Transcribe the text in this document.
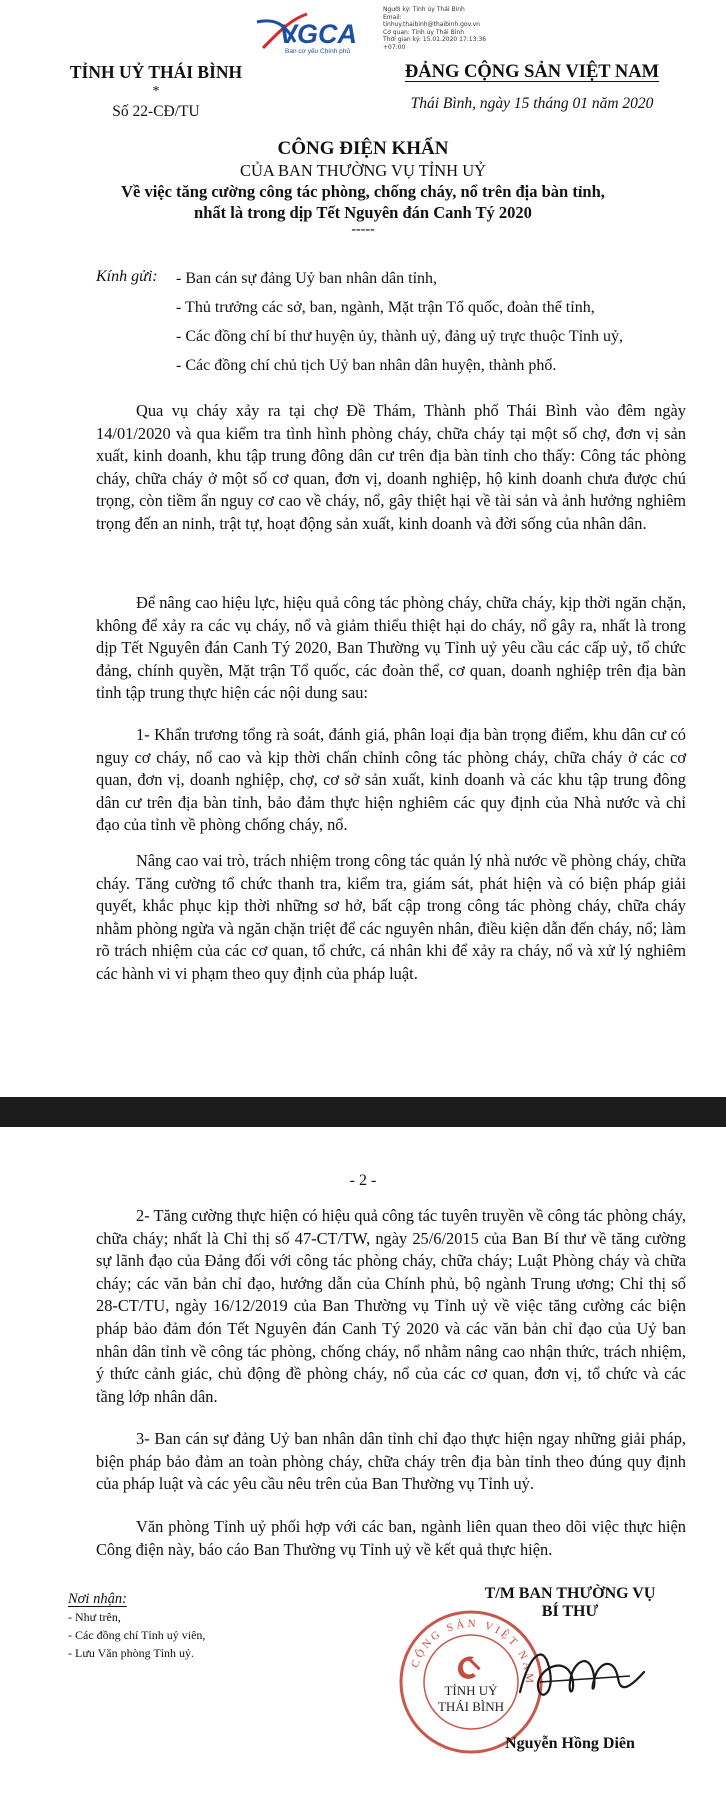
VGCA
Ban cơ yếu Chính phủ
Người ký: Tỉnh ủy Thái Bình
Email:
tinhuy.thaibinh@thaibinh.gov.vn
Cơ quan: Tỉnh ủy Thái Bình
Thời gian ký: 15.01.2020 17:13:36
+07:00
TỈNH UỶ THÁI BÌNH
*
Số 22-CĐ/TU
ĐẢNG CỘNG SẢN VIỆT NAM
Thái Bình, ngày 15 tháng 01 năm 2020
CÔNG ĐIỆN KHẨN
CỦA BAN THƯỜNG VỤ TỈNH UỶ
Về việc tăng cường công tác phòng, chống cháy, nổ trên địa bàn tỉnh,
nhất là trong dịp Tết Nguyên đán Canh Tý 2020
-----
Kính gửi: - Ban cán sự đảng Uỷ ban nhân dân tỉnh,
- Thủ trưởng các sở, ban, ngành, Mặt trận Tổ quốc, đoàn thể tỉnh,
- Các đồng chí bí thư huyện ủy, thành uỷ, đảng uỷ trực thuộc Tỉnh uỷ,
- Các đồng chí chủ tịch Uỷ ban nhân dân huyện, thành phố.

Qua vụ cháy xảy ra tại chợ Đề Thám, Thành phố Thái Bình vào đêm ngày 14/01/2020 và qua kiểm tra tình hình phòng cháy, chữa cháy tại một số chợ, đơn vị sản xuất, kinh doanh, khu tập trung đông dân cư trên địa bàn tỉnh cho thấy: Công tác phòng cháy, chữa cháy ở một số cơ quan, đơn vị, doanh nghiệp, hộ kinh doanh chưa được chú trọng, còn tiềm ẩn nguy cơ cao về cháy, nổ, gây thiệt hại về tài sản và ảnh hưởng nghiêm trọng đến an ninh, trật tự, hoạt động sản xuất, kinh doanh và đời sống của nhân dân.

Để nâng cao hiệu lực, hiệu quả công tác phòng cháy, chữa cháy, kịp thời ngăn chặn, không để xảy ra các vụ cháy, nổ và giảm thiểu thiệt hại do cháy, nổ gây ra, nhất là trong dịp Tết Nguyên đán Canh Tý 2020, Ban Thường vụ Tỉnh uỷ yêu cầu các cấp uỷ, tổ chức đảng, chính quyền, Mặt trận Tổ quốc, các đoàn thể, cơ quan, doanh nghiệp trên địa bàn tỉnh tập trung thực hiện các nội dung sau:

1- Khẩn trương tổng rà soát, đánh giá, phân loại địa bàn trọng điểm, khu dân cư có nguy cơ cháy, nổ cao và kịp thời chấn chỉnh công tác phòng cháy, chữa cháy ở các cơ quan, đơn vị, doanh nghiệp, chợ, cơ sở sản xuất, kinh doanh và các khu tập trung đông dân cư trên địa bàn tỉnh, bảo đảm thực hiện nghiêm các quy định của Nhà nước và chỉ đạo của tỉnh về phòng chống cháy, nổ.

Nâng cao vai trò, trách nhiệm trong công tác quản lý nhà nước về phòng cháy, chữa cháy. Tăng cường tổ chức thanh tra, kiểm tra, giám sát, phát hiện và có biện pháp giải quyết, khắc phục kịp thời những sơ hở, bất cập trong công tác phòng cháy, chữa cháy nhằm phòng ngừa và ngăn chặn triệt để các nguyên nhân, điều kiện dẫn đến cháy, nổ; làm rõ trách nhiệm của các cơ quan, tổ chức, cá nhân khi để xảy ra cháy, nổ và xử lý nghiêm các hành vi vi phạm theo quy định của pháp luật.

- 2 -

2- Tăng cường thực hiện có hiệu quả công tác tuyên truyền về công tác phòng cháy, chữa cháy; nhất là Chỉ thị số 47-CT/TW, ngày 25/6/2015 của Ban Bí thư về tăng cường sự lãnh đạo của Đảng đối với công tác phòng cháy, chữa cháy; Luật Phòng cháy và chữa cháy; các văn bản chỉ đạo, hướng dẫn của Chính phủ, bộ ngành Trung ương; Chỉ thị số 28-CT/TU, ngày 16/12/2019 của Ban Thường vụ Tỉnh uỷ về việc tăng cường các biện pháp bảo đảm đón Tết Nguyên đán Canh Tý 2020 và các văn bản chỉ đạo của Uỷ ban nhân dân tỉnh về công tác phòng, chống cháy, nổ nhằm nâng cao nhận thức, trách nhiệm, ý thức cảnh giác, chủ động đề phòng cháy, nổ của các cơ quan, đơn vị, tổ chức và các tầng lớp nhân dân.

3- Ban cán sự đảng Uỷ ban nhân dân tỉnh chỉ đạo thực hiện ngay những giải pháp, biện pháp bảo đảm an toàn phòng cháy, chữa cháy trên địa bàn tỉnh theo đúng quy định của pháp luật và các yêu cầu nêu trên của Ban Thường vụ Tỉnh uỷ.

Văn phòng Tỉnh uỷ phối hợp với các ban, ngành liên quan theo dõi việc thực hiện Công điện này, báo cáo Ban Thường vụ Tỉnh uỷ về kết quả thực hiện.

Nơi nhận:
- Như trên,
- Các đồng chí Tỉnh uỷ viên,
- Lưu Văn phòng Tỉnh uỷ.
CỘNG SẢN VIỆT NAM
TỈNH UỶ
THÁI BÌNH
T/M BAN THƯỜNG VỤ
BÍ THƯ
Nguyễn Hồng Diên
